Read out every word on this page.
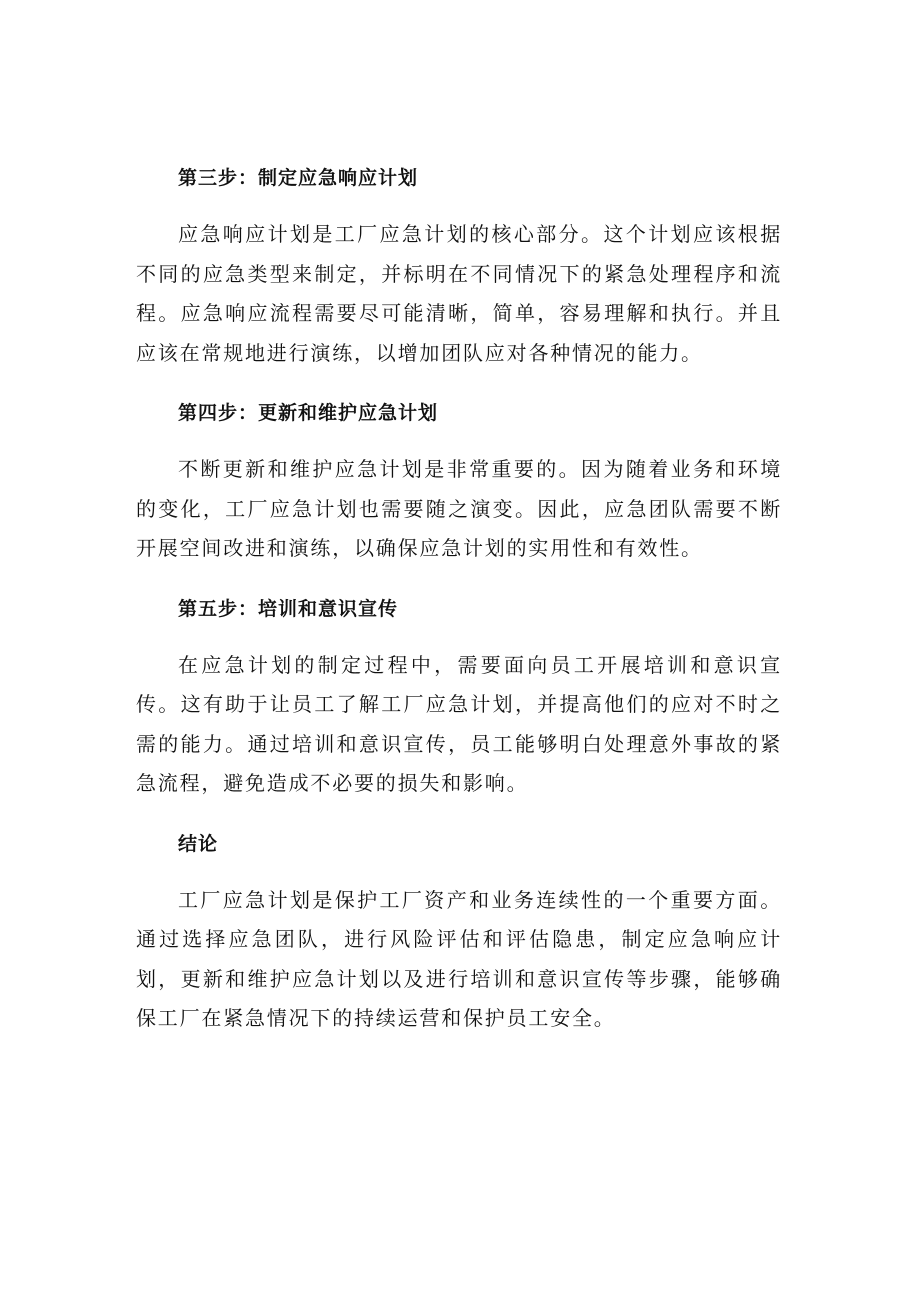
第三步：制定应急响应计划

应急响应计划是工厂应急计划的核心部分。这个计划应该根据不同的应急类型来制定，并标明在不同情况下的紧急处理程序和流程。应急响应流程需要尽可能清晰，简单，容易理解和执行。并且应该在常规地进行演练，以增加团队应对各种情况的能力。

第四步：更新和维护应急计划

不断更新和维护应急计划是非常重要的。因为随着业务和环境的变化，工厂应急计划也需要随之演变。因此，应急团队需要不断开展空间改进和演练，以确保应急计划的实用性和有效性。

第五步：培训和意识宣传

在应急计划的制定过程中，需要面向员工开展培训和意识宣传。这有助于让员工了解工厂应急计划，并提高他们的应对不时之需的能力。通过培训和意识宣传，员工能够明白处理意外事故的紧急流程，避免造成不必要的损失和影响。

结论

工厂应急计划是保护工厂资产和业务连续性的一个重要方面。通过选择应急团队，进行风险评估和评估隐患，制定应急响应计划，更新和维护应急计划以及进行培训和意识宣传等步骤，能够确保工厂在紧急情况下的持续运营和保护员工安全。
